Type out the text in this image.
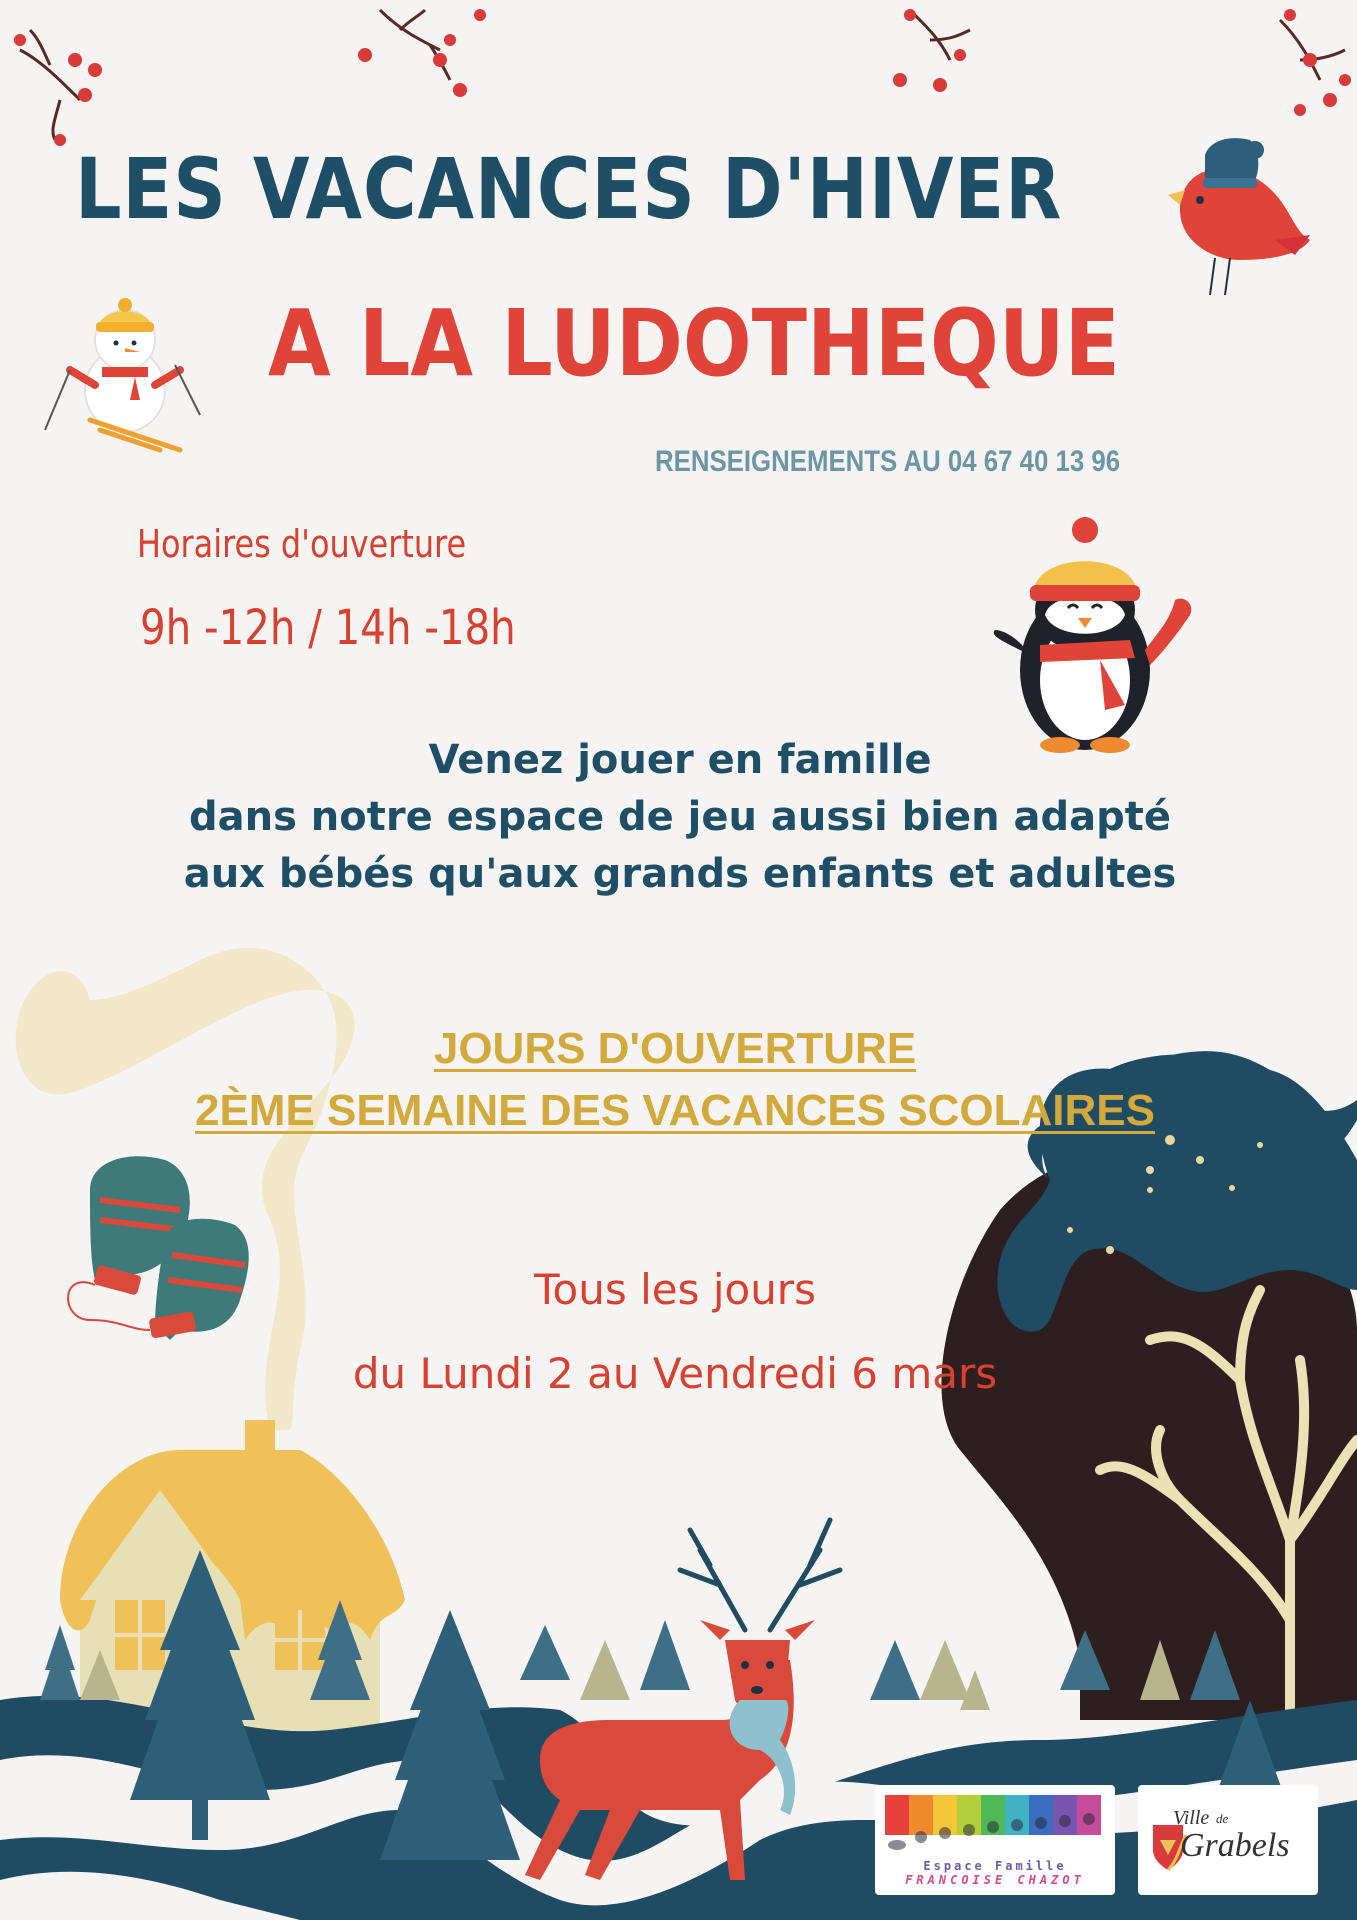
LES VACANCES D'HIVER
A LA LUDOTHEQUE
RENSEIGNEMENTS AU 04 67 40 13 96
Horaires d'ouverture
9h -12h / 14h -18h
Venez jouer en famille
dans notre espace de jeu aussi bien adapté
aux bébés qu'aux grands enfants et adultes
JOURS D'OUVERTURE
2ÈME SEMAINE DES VACANCES SCOLAIRES
Tous les jours
du Lundi 2 au Vendredi 6 mars
Espace Famille
FRANCOISE CHAZOT
Ville de
Grabels
